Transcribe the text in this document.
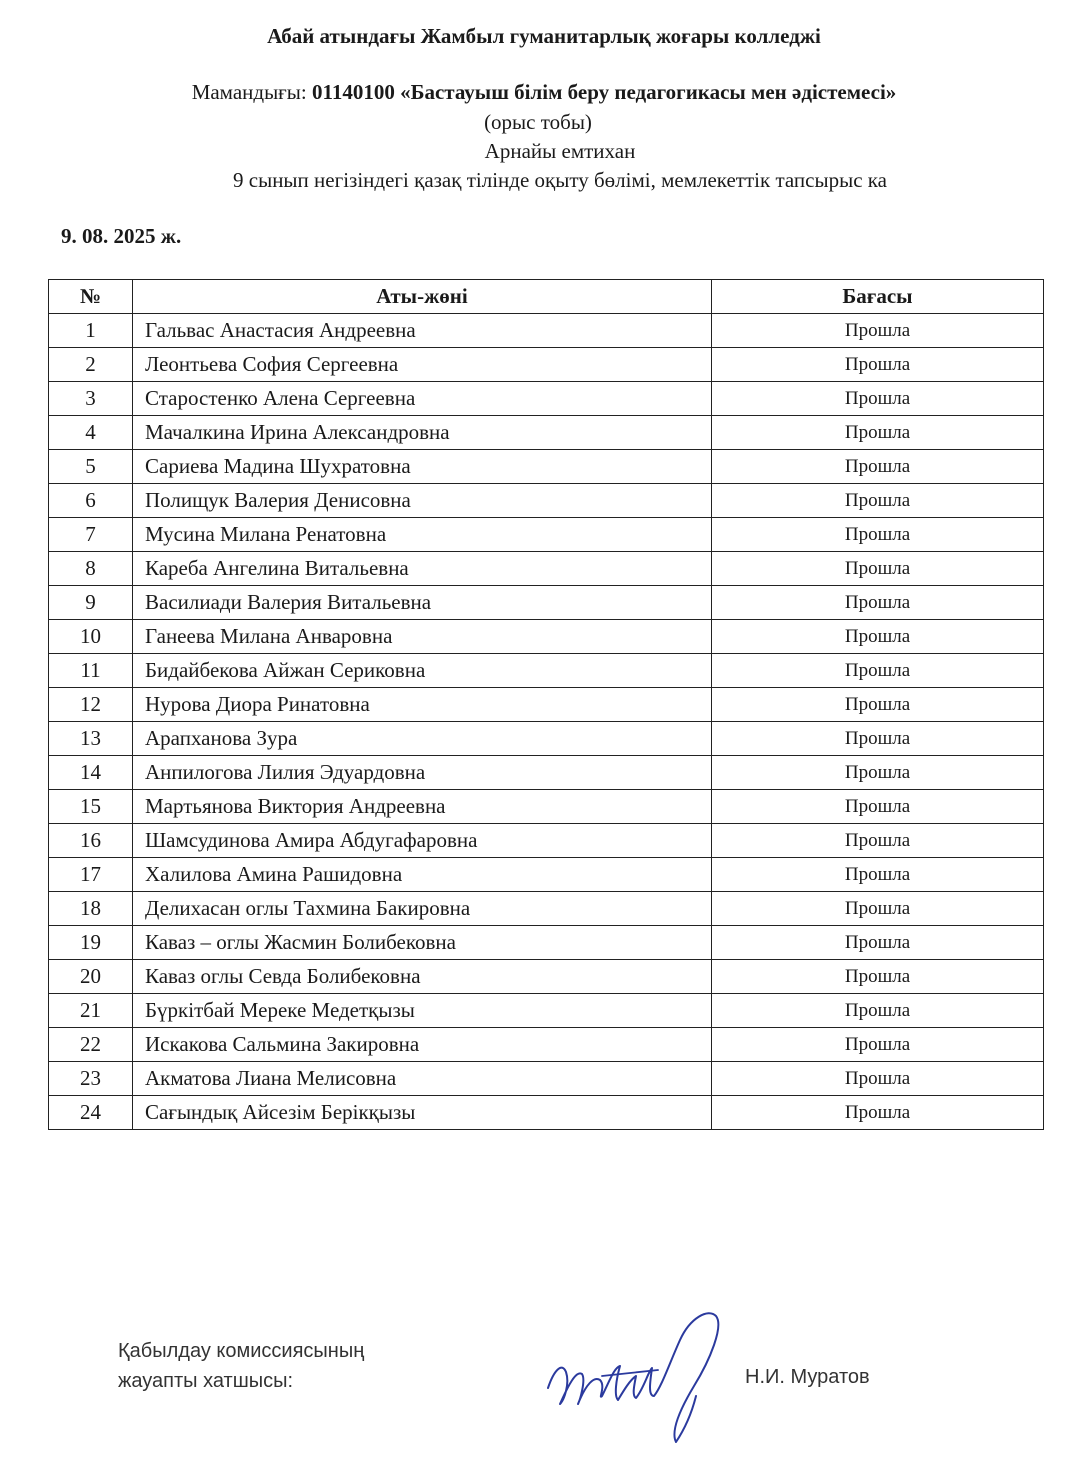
Абай атындағы Жамбыл гуманитарлық жоғары колледжі
Мамандығы: 01140100 «Бастауыш білім беру педагогикасы мен әдістемесі»
(орыс тобы)
Арнайы емтихан
9 сынып негізіндегі қазақ тілінде оқыту бөлімі, мемлекеттік тапсырыс ка
9. 08. 2025 ж.
№	Аты-жөні	Бағасы
1	Гальвас Анастасия Андреевна	Прошла
2	Леонтьева София Сергеевна	Прошла
3	Старостенко Алена Сергеевна	Прошла
4	Мачалкина Ирина Александровна	Прошла
5	Сариева Мадина Шухратовна	Прошла
6	Полищук Валерия Денисовна	Прошла
7	Мусина Милана Ренатовна	Прошла
8	Кареба Ангелина Витальевна	Прошла
9	Василиади Валерия Витальевна	Прошла
10	Ганеева Милана Анваровна	Прошла
11	Бидайбекова Айжан Сериковна	Прошла
12	Нурова Диора Ринатовна	Прошла
13	Арапханова Зура	Прошла
14	Анпилогова Лилия Эдуардовна	Прошла
15	Мартьянова Виктория Андреевна	Прошла
16	Шамсудинова Амира Абдугафаровна	Прошла
17	Халилова Амина Рашидовна	Прошла
18	Делихасан оглы Тахмина Бакировна	Прошла
19	Каваз – оглы Жасмин Болибековна	Прошла
20	Каваз оглы Севда Болибековна	Прошла
21	Бүркітбай Мереке Медетқызы	Прошла
22	Искакова Сальмина Закировна	Прошла
23	Акматова Лиана Мелисовна	Прошла
24	Сағындық Айсезім Берікқызы	Прошла
Қабылдау комиссиясының
жауапты хатшысы:	Н.И. Муратов
